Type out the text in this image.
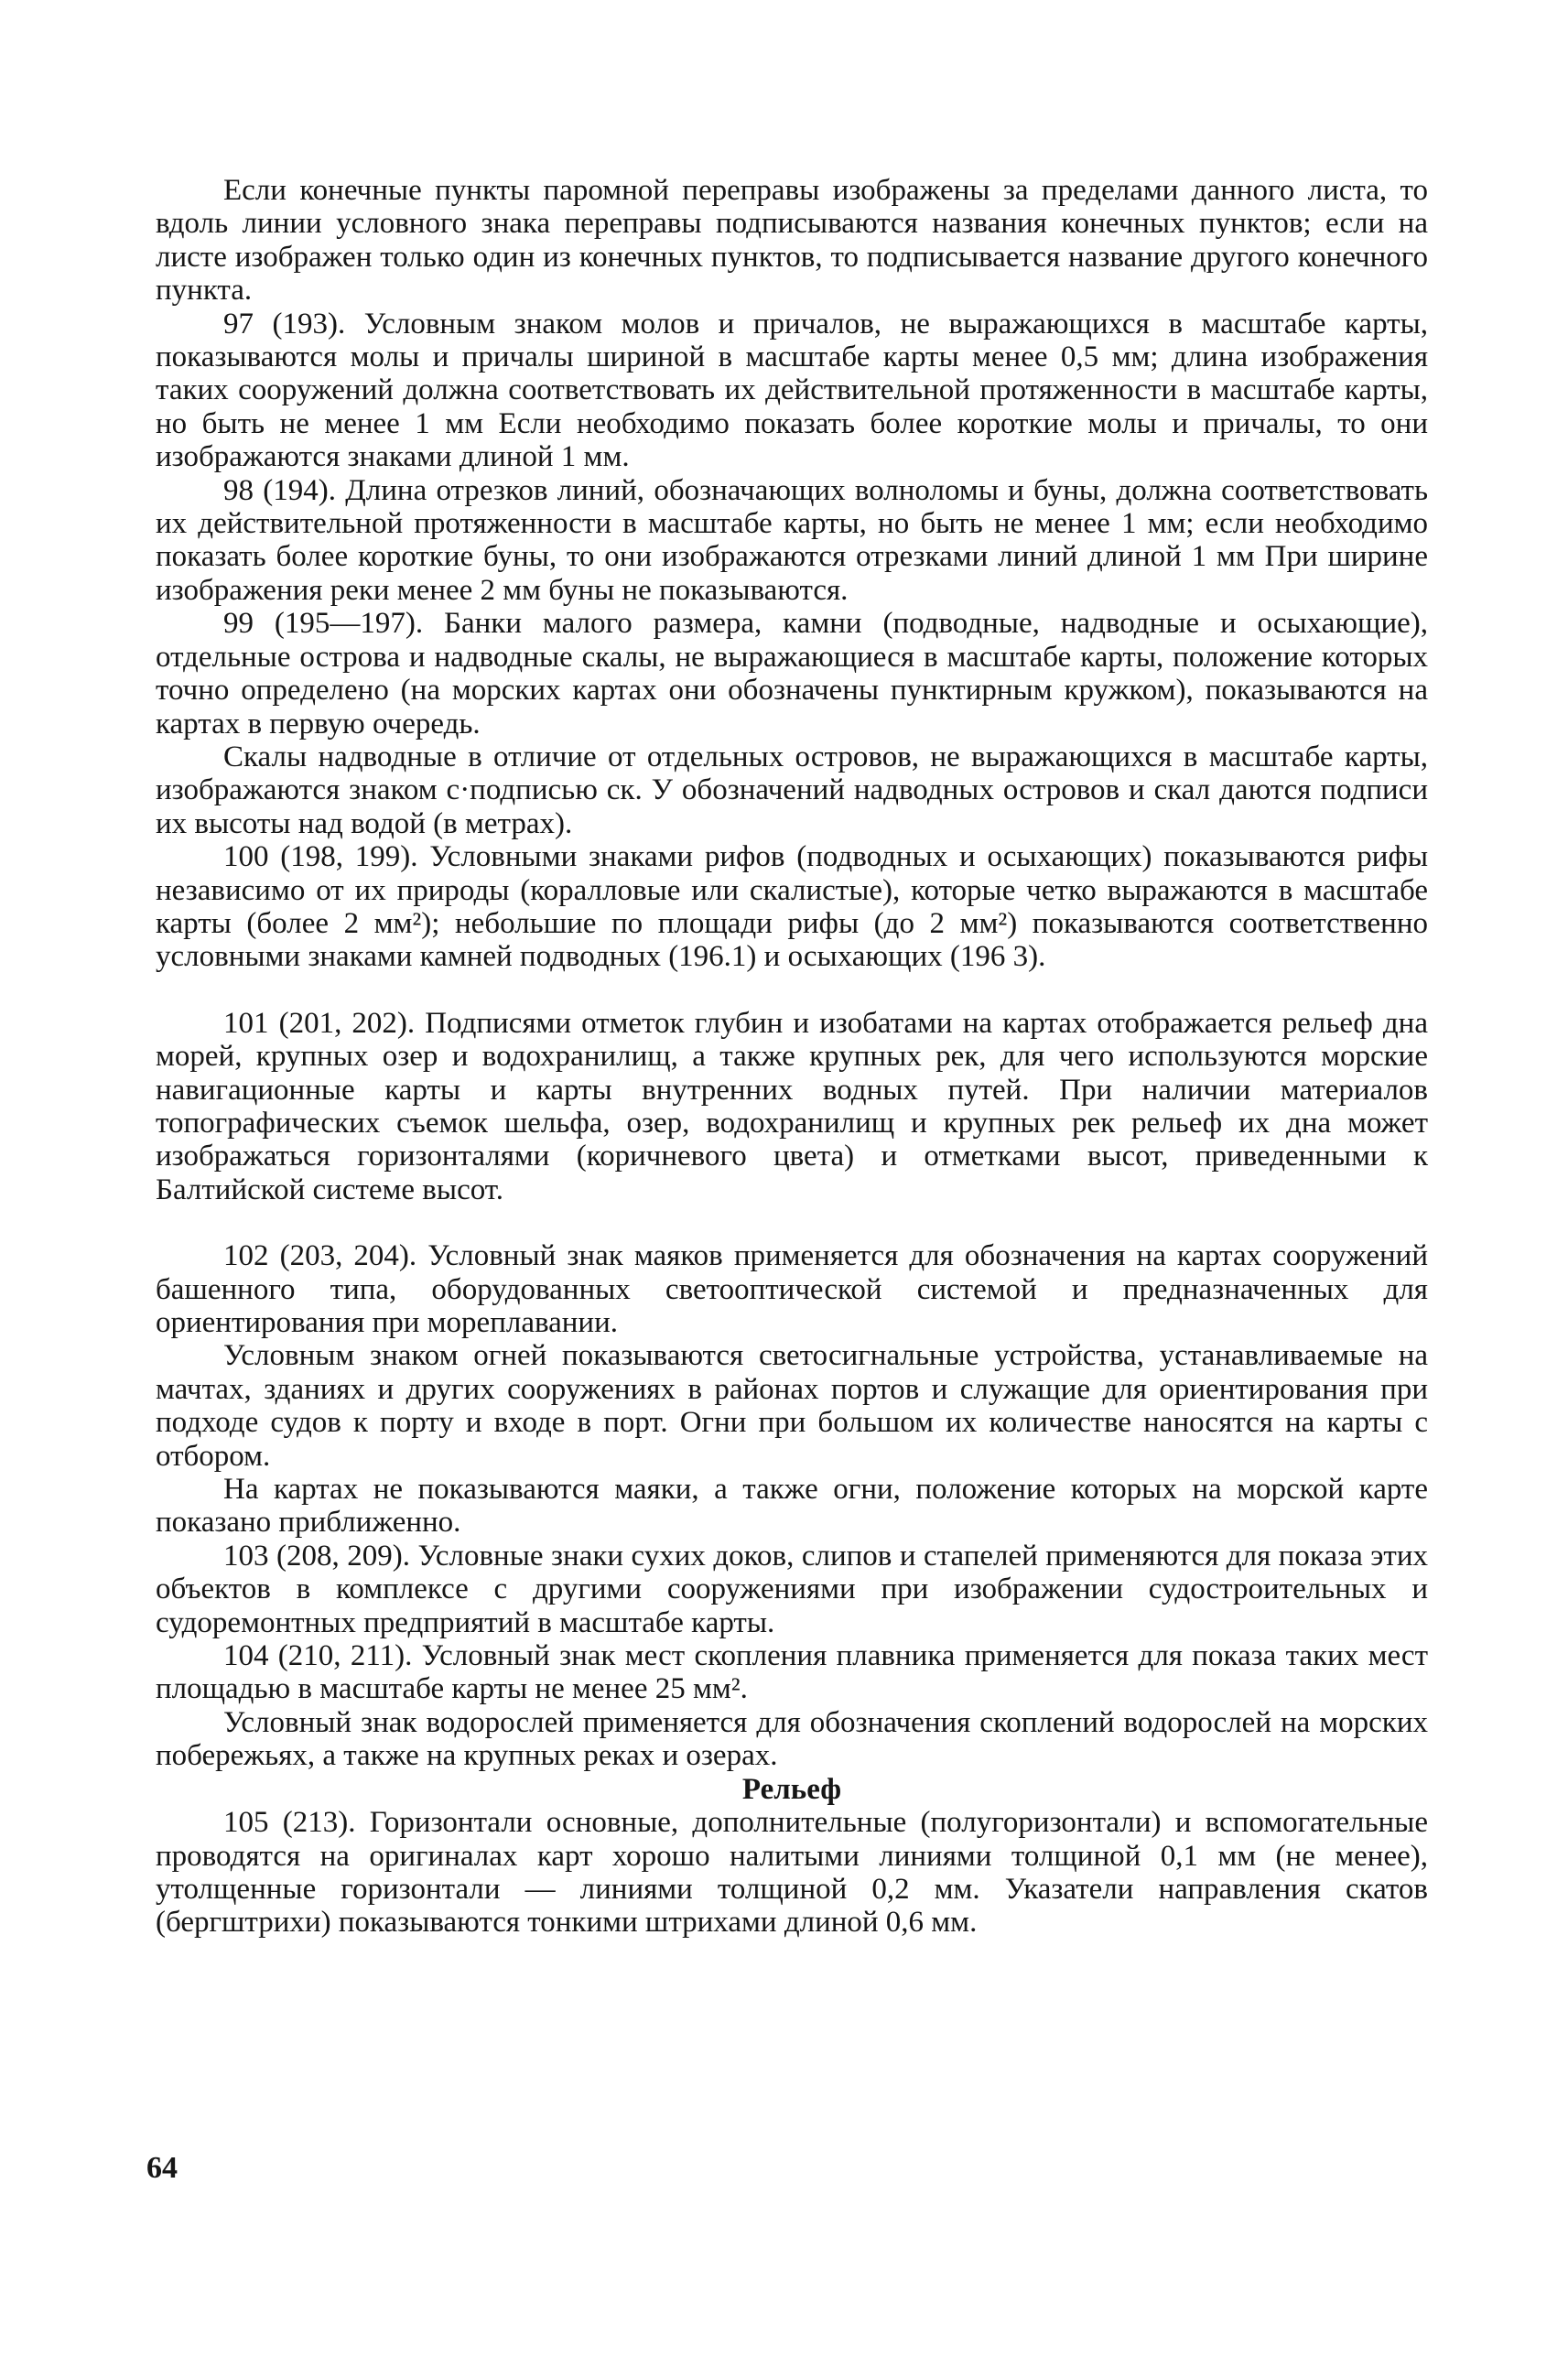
Если конечные пункты паромной переправы изображены за пределами данного листа, то вдоль линии условного знака переправы подписываются названия конечных пунктов; если на листе изображен только один из конечных пунктов, то подписывается название другого конечного пункта.

97 (193). Условным знаком молов и причалов, не выражающихся в масштабе карты, показываются молы и причалы шириной в масштабе карты менее 0,5 мм; длина изображения таких сооружений должна соответствовать их действительной протяженности в масштабе карты, но быть не менее 1 мм Если необходимо показать более короткие молы и причалы, то они изображаются знаками длиной 1 мм.

98 (194). Длина отрезков линий, обозначающих волноломы и буны, должна соответствовать их действительной протяженности в масштабе карты, но быть не менее 1 мм; если необходимо показать более короткие буны, то они изображаются отрезками линий длиной 1 мм При ширине изображения реки менее 2 мм буны не показываются.

99 (195—197). Банки малого размера, камни (подводные, надводные и осыхающие), отдельные острова и надводные скалы, не выражающиеся в масштабе карты, положение которых точно определено (на морских картах они обозначены пунктирным кружком), показываются на картах в первую очередь.

Скалы надводные в отличие от отдельных островов, не выражающихся в масштабе карты, изображаются знаком с·подписью ск. У обозначений надводных островов и скал даются подписи их высоты над водой (в метрах).

100 (198, 199). Условными знаками рифов (подводных и осыхающих) показываются рифы независимо от их природы (коралловые или скалистые), которые четко выражаются в масштабе карты (более 2 мм²); небольшие по площади рифы (до 2 мм²) показываются соответственно условными знаками камней подводных (196.1) и осыхающих (196 3).

101 (201, 202). Подписями отметок глубин и изобатами на картах отображается рельеф дна морей, крупных озер и водохранилищ, а также крупных рек, для чего используются морские навигационные карты и карты внутренних водных путей. При наличии материалов топографических съемок шельфа, озер, водохранилищ и крупных рек рельеф их дна может изображаться горизонталями (коричневого цвета) и отметками высот, приведенными к Балтийской системе высот.

102 (203, 204). Условный знак маяков применяется для обозначения на картах сооружений башенного типа, оборудованных светооптической системой и предназначенных для ориентирования при мореплавании.

Условным знаком огней показываются светосигнальные устройства, устанавливаемые на мачтах, зданиях и других сооружениях в районах портов и служащие для ориентирования при подходе судов к порту и входе в порт. Огни при большом их количестве наносятся на карты с отбором.

На картах не показываются маяки, а также огни, положение которых на морской карте показано приближенно.

103 (208, 209). Условные знаки сухих доков, слипов и стапелей применяются для показа этих объектов в комплексе с другими сооружениями при изображении судостроительных и судоремонтных предприятий в масштабе карты.

104 (210, 211). Условный знак мест скопления плавника применяется для показа таких мест площадью в масштабе карты не менее 25 мм².

Условный знак водорослей применяется для обозначения скоплений водорослей на морских побережьях, а также на крупных реках и озерах.

Рельеф

105 (213). Горизонтали основные, дополнительные (полугоризонтали) и вспомогательные проводятся на оригиналах карт хорошо налитыми линиями толщиной 0,1 мм (не менее), утолщенные горизонтали — линиями толщиной 0,2 мм. Указатели направления скатов (бергштрихи) показываются тонкими штрихами длиной 0,6 мм.

64
